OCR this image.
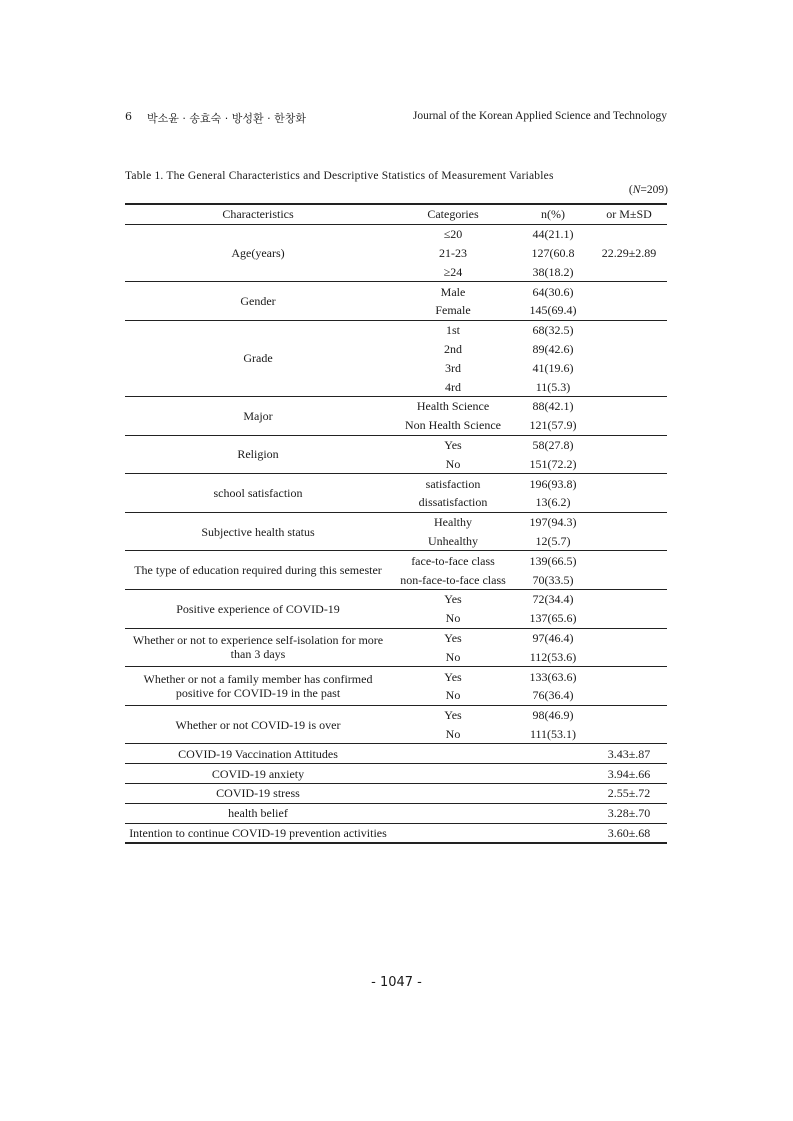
6 박소윤 · 송효숙 · 방성환 · 한창화	Journal of the Korean Applied Science and Technology
Table 1. The General Characteristics and Descriptive Statistics of Measurement Variables
(N=209)
Characteristics	Categories	n(%)	or M±SD
Age(years)	≤20	44(21.1)	22.29±2.89
	21-23	127(60.8	
	≥24	38(18.2)	
Gender	Male	64(30.6)	
	Female	145(69.4)	
Grade	1st	68(32.5)	
	2nd	89(42.6)	
	3rd	41(19.6)	
	4rd	11(5.3)	
Major	Health Science	88(42.1)	
	Non Health Science	121(57.9)	
Religion	Yes	58(27.8)	
	No	151(72.2)	
school satisfaction	satisfaction	196(93.8)	
	dissatisfaction	13(6.2)	
Subjective health status	Healthy	197(94.3)	
	Unhealthy	12(5.7)	
The type of education required during this semester	face-to-face class	139(66.5)	
	non-face-to-face class	70(33.5)	
Positive experience of COVID-19	Yes	72(34.4)	
	No	137(65.6)	
Whether or not to experience self-isolation for more than 3 days	Yes	97(46.4)	
	No	112(53.6)	
Whether or not a family member has confirmed positive for COVID-19 in the past	Yes	133(63.6)	
	No	76(36.4)	
Whether or not COVID-19 is over	Yes	98(46.9)	
	No	111(53.1)	
COVID-19 Vaccination Attitudes			3.43±.87
COVID-19 anxiety			3.94±.66
COVID-19 stress			2.55±.72
health belief			3.28±.70
Intention to continue COVID-19 prevention activities			3.60±.68
- 1047 -
